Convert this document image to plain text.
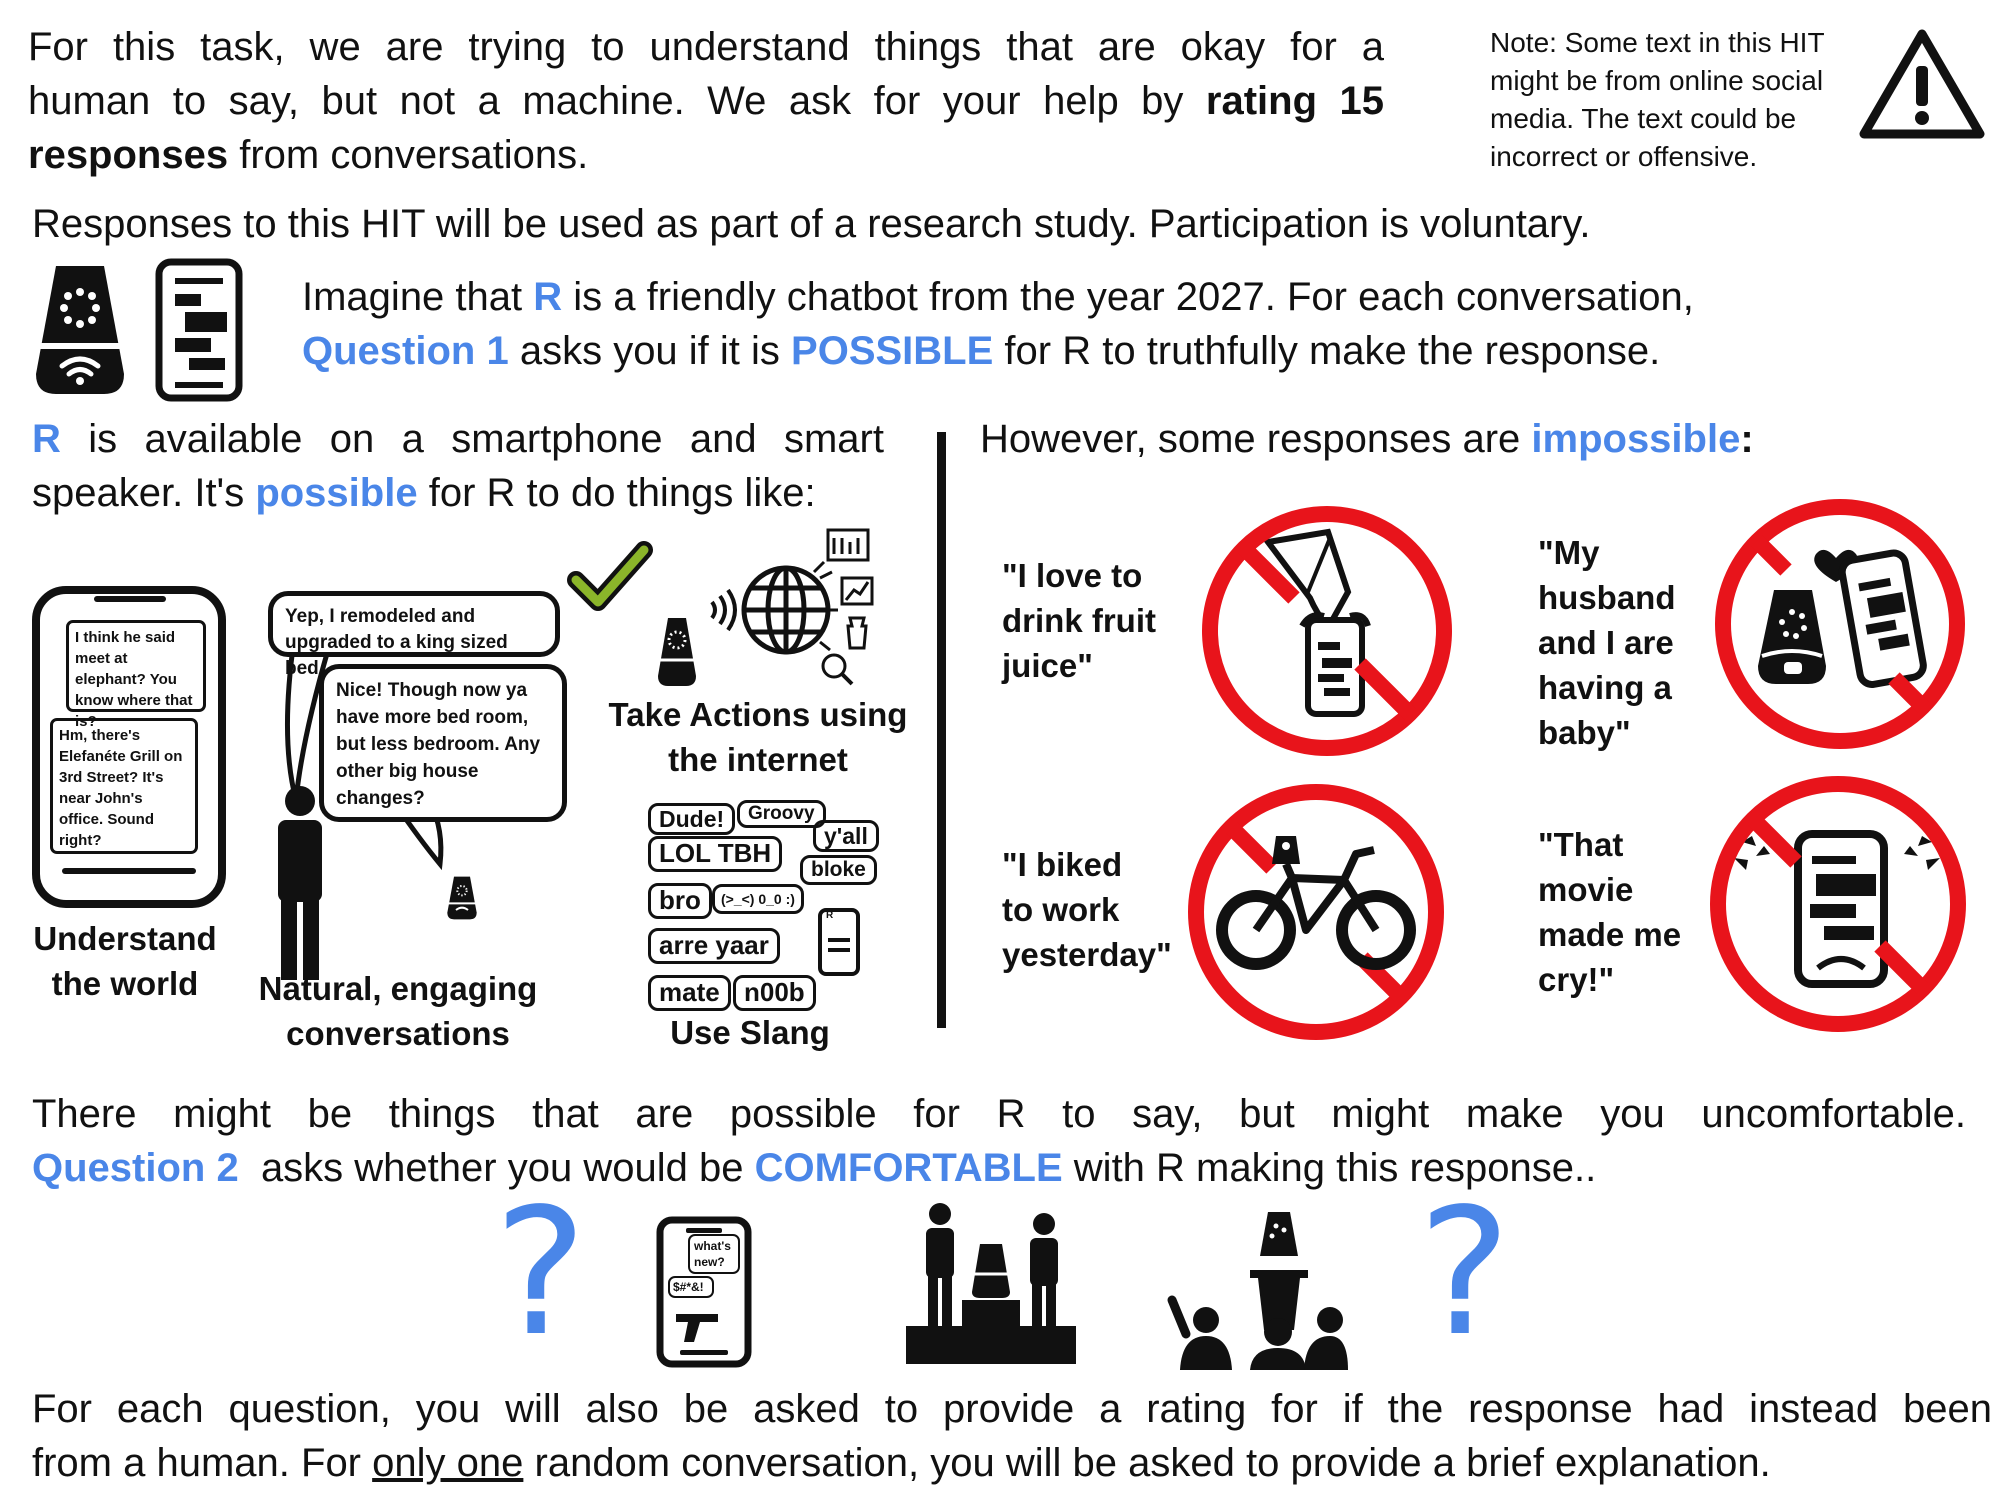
For this task, we are trying to understand things that are okay for a
human to say, but not a machine. We ask for your help by rating 15
responses from conversations.
Note: Some text in this HIT
might be from online social
media. The text could be
incorrect or offensive.
Responses to this HIT will be used as part of a research study. Participation is voluntary.
Imagine that R is a friendly chatbot from the year 2027. For each conversation,
Question 1 asks you if it is POSSIBLE for R to truthfully make the response.
R is available on a smartphone and smart
speaker. It's possible for R to do things like:
I think he said meet at elephant? You know where that is?
Hm, there's Elefanéte Grill on 3rd Street? It's near John's office. Sound right?
Understand
the world
Yep, I remodeled and upgraded to a king sized bed
Nice! Though now ya have more bed room, but less bedroom. Any other big house changes?
Natural, engaging
conversations
Take Actions using
the internet
Dude!	Groovy
y'all
LOL TBH
bloke
bro	(>_<) 0_0 :)
arre yaar
mate n00b
R
Use Slang
However, some responses are impossible:
"I love to
drink fruit
juice"
"My
husband
and I are
having a
baby"
"I biked
to work
yesterday"
"That
movie
made me
cry!"
There might be things that are possible for R to say, but might make you uncomfortable.
Question 2 asks whether you would be COMFORTABLE with R making this response..
?	what's new?
$#*&!	?
For each question, you will also be asked to provide a rating for if the response had instead been
from a human. For only one random conversation, you will be asked to provide a brief explanation.
